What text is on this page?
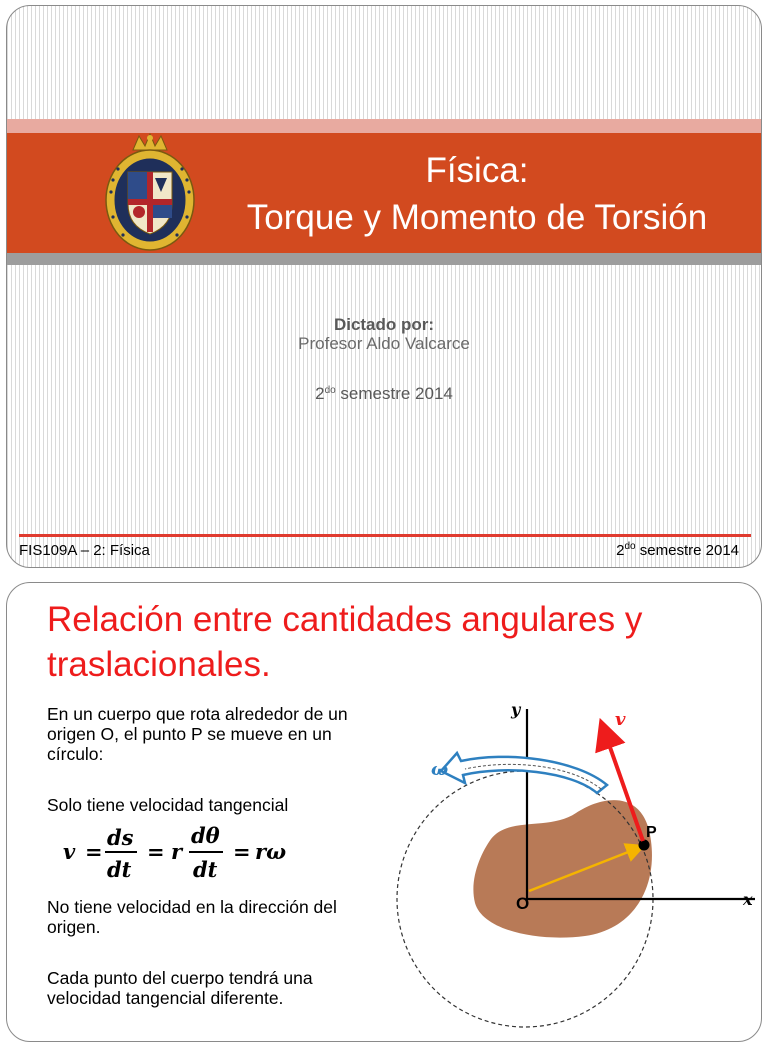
Física:
Torque y Momento de Torsión
Dictado por:
Profesor Aldo Valcarce
$2^{do}$ semestre 2014
FIS109A – 2: Física	$2^{do}$ semestre 2014
Relación entre cantidades angulares y
traslacionales.
En un cuerpo que rota alrededor de un origen O, el punto P se mueve en un círculo:
Solo tiene velocidad tangencial
v =
ds
dt
= r
dθ
dt
= rω
No tiene velocidad en la dirección del origen.
Cada punto del cuerpo tendrá una velocidad tangencial diferente.
y
x
O
P
v
ω
